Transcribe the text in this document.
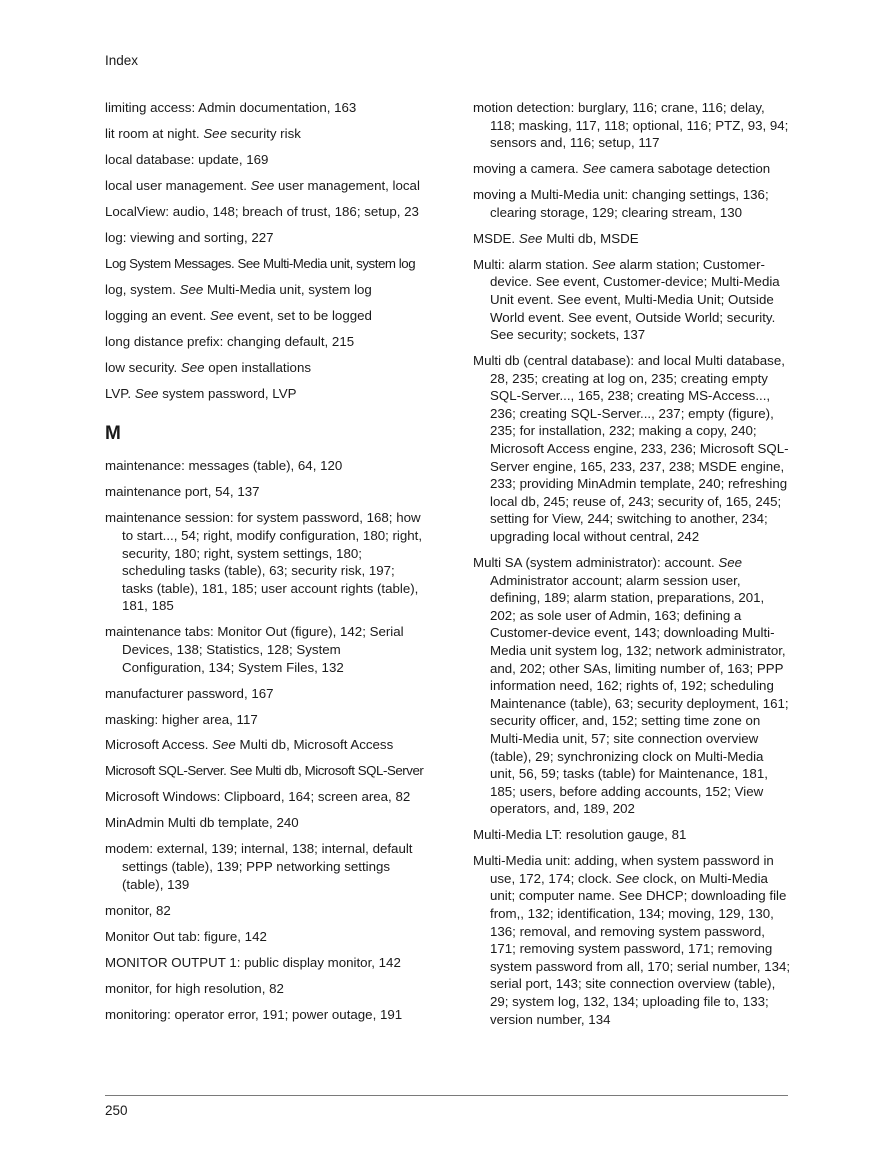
Index
limiting access: Admin documentation, 163
lit room at night. See security risk
local database: update, 169
local user management. See user management, local
LocalView: audio, 148; breach of trust, 186; setup, 23
log: viewing and sorting, 227
Log System Messages. See Multi-Media unit, system log
log, system. See Multi-Media unit, system log
logging an event. See event, set to be logged
long distance prefix: changing default, 215
low security. See open installations
LVP. See system password, LVP
M
maintenance: messages (table), 64, 120
maintenance port, 54, 137
maintenance session: for system password, 168; how to start..., 54; right, modify configuration, 180; right, security, 180; right, system settings, 180; scheduling tasks (table), 63; security risk, 197; tasks (table), 181, 185; user account rights (table), 181, 185
maintenance tabs: Monitor Out (figure), 142; Serial Devices, 138; Statistics, 128; System Configuration, 134; System Files, 132
manufacturer password, 167
masking: higher area, 117
Microsoft Access. See Multi db, Microsoft Access
Microsoft SQL-Server. See Multi db, Microsoft SQL-Server
Microsoft Windows: Clipboard, 164; screen area, 82
MinAdmin Multi db template, 240
modem: external, 139; internal, 138; internal, default settings (table), 139; PPP networking settings (table), 139
monitor, 82
Monitor Out tab: figure, 142
MONITOR OUTPUT 1: public display monitor, 142
monitor, for high resolution, 82
monitoring: operator error, 191; power outage, 191
motion detection: burglary, 116; crane, 116; delay, 118; masking, 117, 118; optional, 116; PTZ, 93, 94; sensors and, 116; setup, 117
moving a camera. See camera sabotage detection
moving a Multi-Media unit: changing settings, 136; clearing storage, 129; clearing stream, 130
MSDE. See Multi db, MSDE
Multi: alarm station. See alarm station; Customer-device. See event, Customer-device; Multi-Media Unit event. See event, Multi-Media Unit; Outside World event. See event, Outside World; security. See security; sockets, 137
Multi db (central database): and local Multi database, 28, 235; creating at log on, 235; creating empty SQL-Server..., 165, 238; creating MS-Access..., 236; creating SQL-Server..., 237; empty (figure), 235; for installation, 232; making a copy, 240; Microsoft Access engine, 233, 236; Microsoft SQL-Server engine, 165, 233, 237, 238; MSDE engine, 233; providing MinAdmin template, 240; refreshing local db, 245; reuse of, 243; security of, 165, 245; setting for View, 244; switching to another, 234; upgrading local without central, 242
Multi SA (system administrator): account. See Administrator account; alarm session user, defining, 189; alarm station, preparations, 201, 202; as sole user of Admin, 163; defining a Customer-device event, 143; downloading Multi-Media unit system log, 132; network administrator, and, 202; other SAs, limiting number of, 163; PPP information need, 162; rights of, 192; scheduling Maintenance (table), 63; security deployment, 161; security officer, and, 152; setting time zone on Multi-Media unit, 57; site connection overview (table), 29; synchronizing clock on Multi-Media unit, 56, 59; tasks (table) for Maintenance, 181, 185; users, before adding accounts, 152; View operators, and, 189, 202
Multi-Media LT: resolution gauge, 81
Multi-Media unit: adding, when system password in use, 172, 174; clock. See clock, on Multi-Media unit; computer name. See DHCP; downloading file from,, 132; identification, 134; moving, 129, 130, 136; removal, and removing system password, 171; removing system password, 171; removing system password from all, 170; serial number, 134; serial port, 143; site connection overview (table), 29; system log, 132, 134; uploading file to, 133; version number, 134
250
